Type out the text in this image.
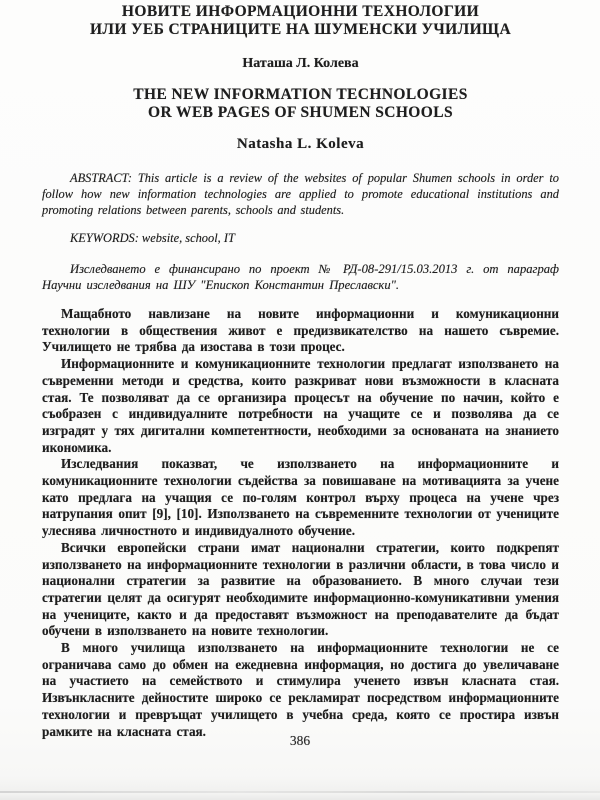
НОВИТЕ ИНФОРМАЦИОННИ ТЕХНОЛОГИИ
ИЛИ УЕБ СТРАНИЦИТЕ НА ШУМЕНСКИ УЧИЛИЩА
Наташа Л. Колева
THE NEW INFORMATION TECHNOLOGIES
OR WEB PAGES OF SHUMEN SCHOOLS
Natasha L. Koleva

ABSTRACT: This article is a review of the websites of popular Shumen schools in order to follow how new information technologies are applied to promote educational institutions and promoting relations between parents, schools and students.

KEYWORDS: website, school, IT

Изследването е финансирано по проект № РД-08-291/15.03.2013 г. от параграф Научни изследвания на ШУ "Епископ Константин Преславски".

Мащабното навлизане на новите информационни и комуникационни технологии в обществения живот е предизвикателство на нашето съвремие. Училището не трябва да изостава в този процес.

Информационните и комуникационните технологии предлагат използването на съвременни методи и средства, които разкриват нови възможности в класната стая. Те позволяват да се организира процесът на обучение по начин, който е съобразен с индивидуалните потребности на учащите се и позволява да се изградят у тях дигитални компетентности, необходими за основаната на знанието икономика.

Изследвания показват, че използването на информационните и комуникационните технологии съдейства за повишаване на мотивацията за учене като предлага на учащия се по-голям контрол върху процеса на учене чрез натрупания опит [9], [10]. Използването на съвременните технологии от учениците улеснява личностното и индивидуалното обучение.

Всички европейски страни имат национални стратегии, които подкрепят използването на информационните технологии в различни области, в това число и национални стратегии за развитие на образованието. В много случаи тези стратегии целят да осигурят необходимите информационно-комуникативни умения на учениците, както и да предоставят възможност на преподавателите да бъдат обучени в използването на новите технологии.

В много училища използването на информационните технологии не се ограничава само до обмен на ежедневна информация, но достига до увеличаване на участието на семейството и стимулира ученето извън класната стая. Извънкласните дейностите широко се рекламират посредством информационните технологии и превръщат училището в учебна среда, която се простира извън рамките на класната стая.

386
